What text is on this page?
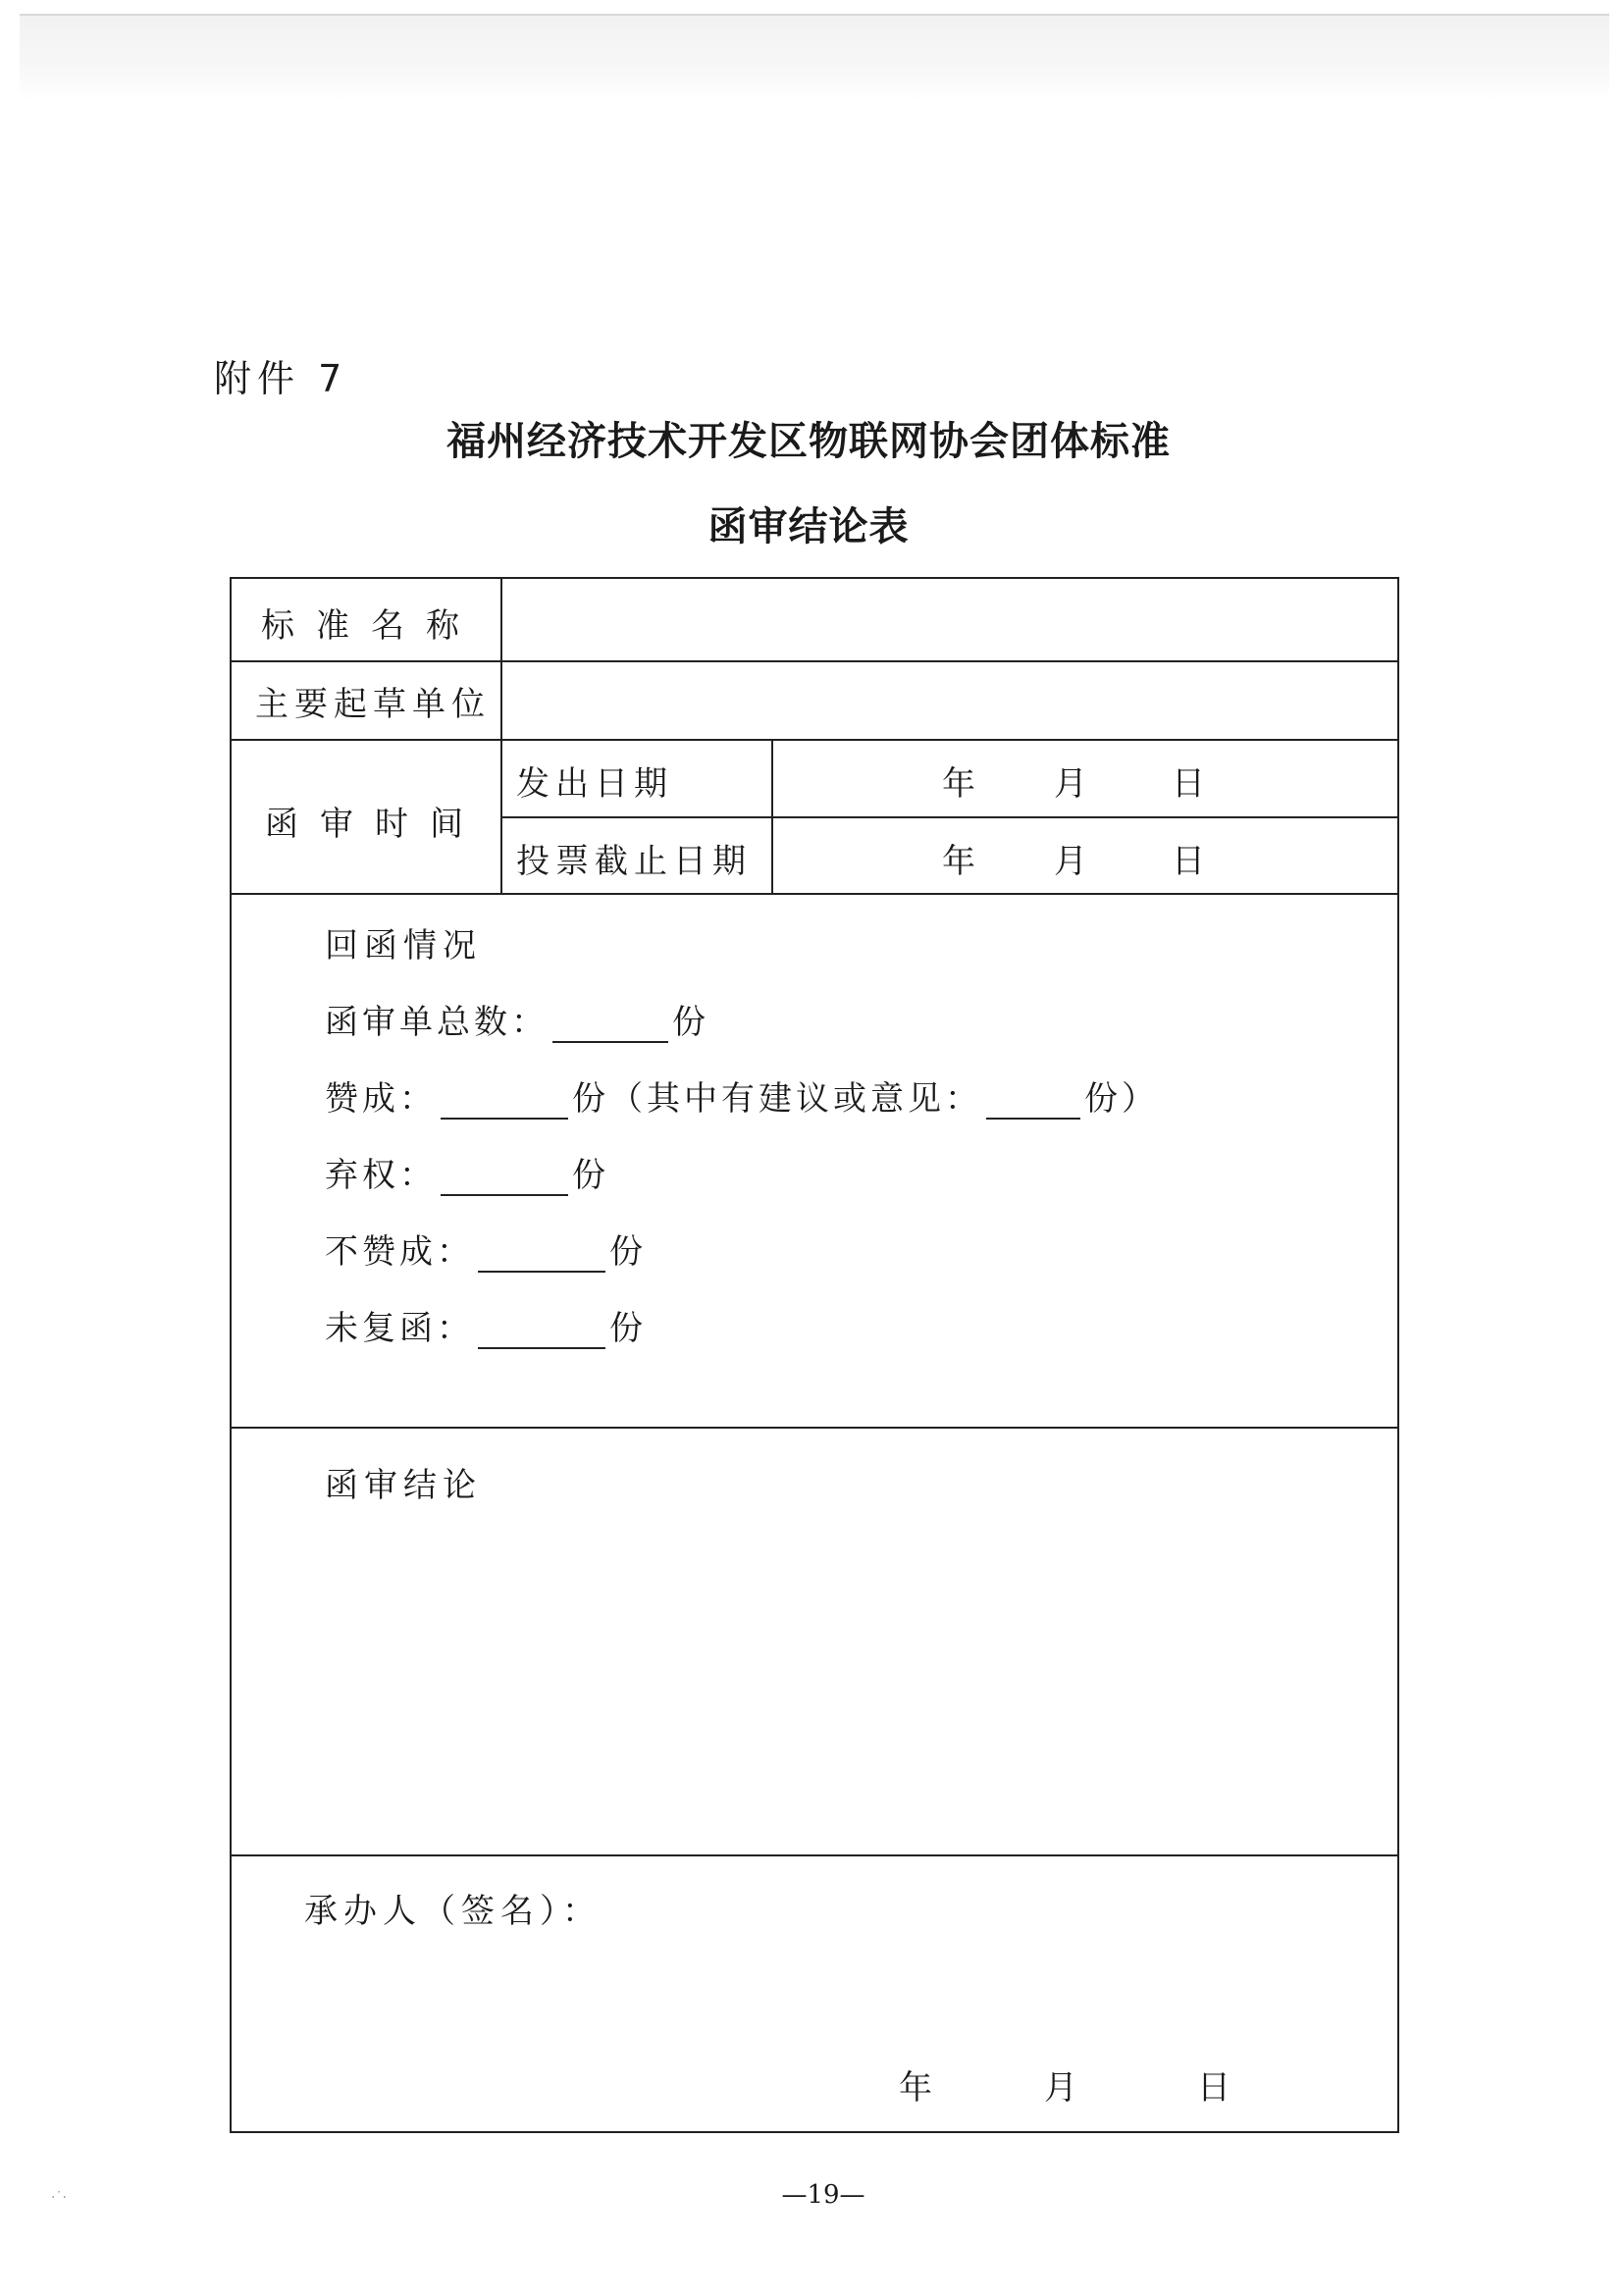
附件 7
福州经济技术开发区物联网协会团体标准
函审结论表
标准名称
主要起草单位
函审时间
发出日期	年 月	日
投票截止日期	年 月	日
回函情况
函审单总数：	份
赞成：	份（其中有建议或意见：	份）
弃权：	份
不赞成：	份
未复函：	份
函审结论
承办人（签名）：
年	月	日
—19—
·˙·
